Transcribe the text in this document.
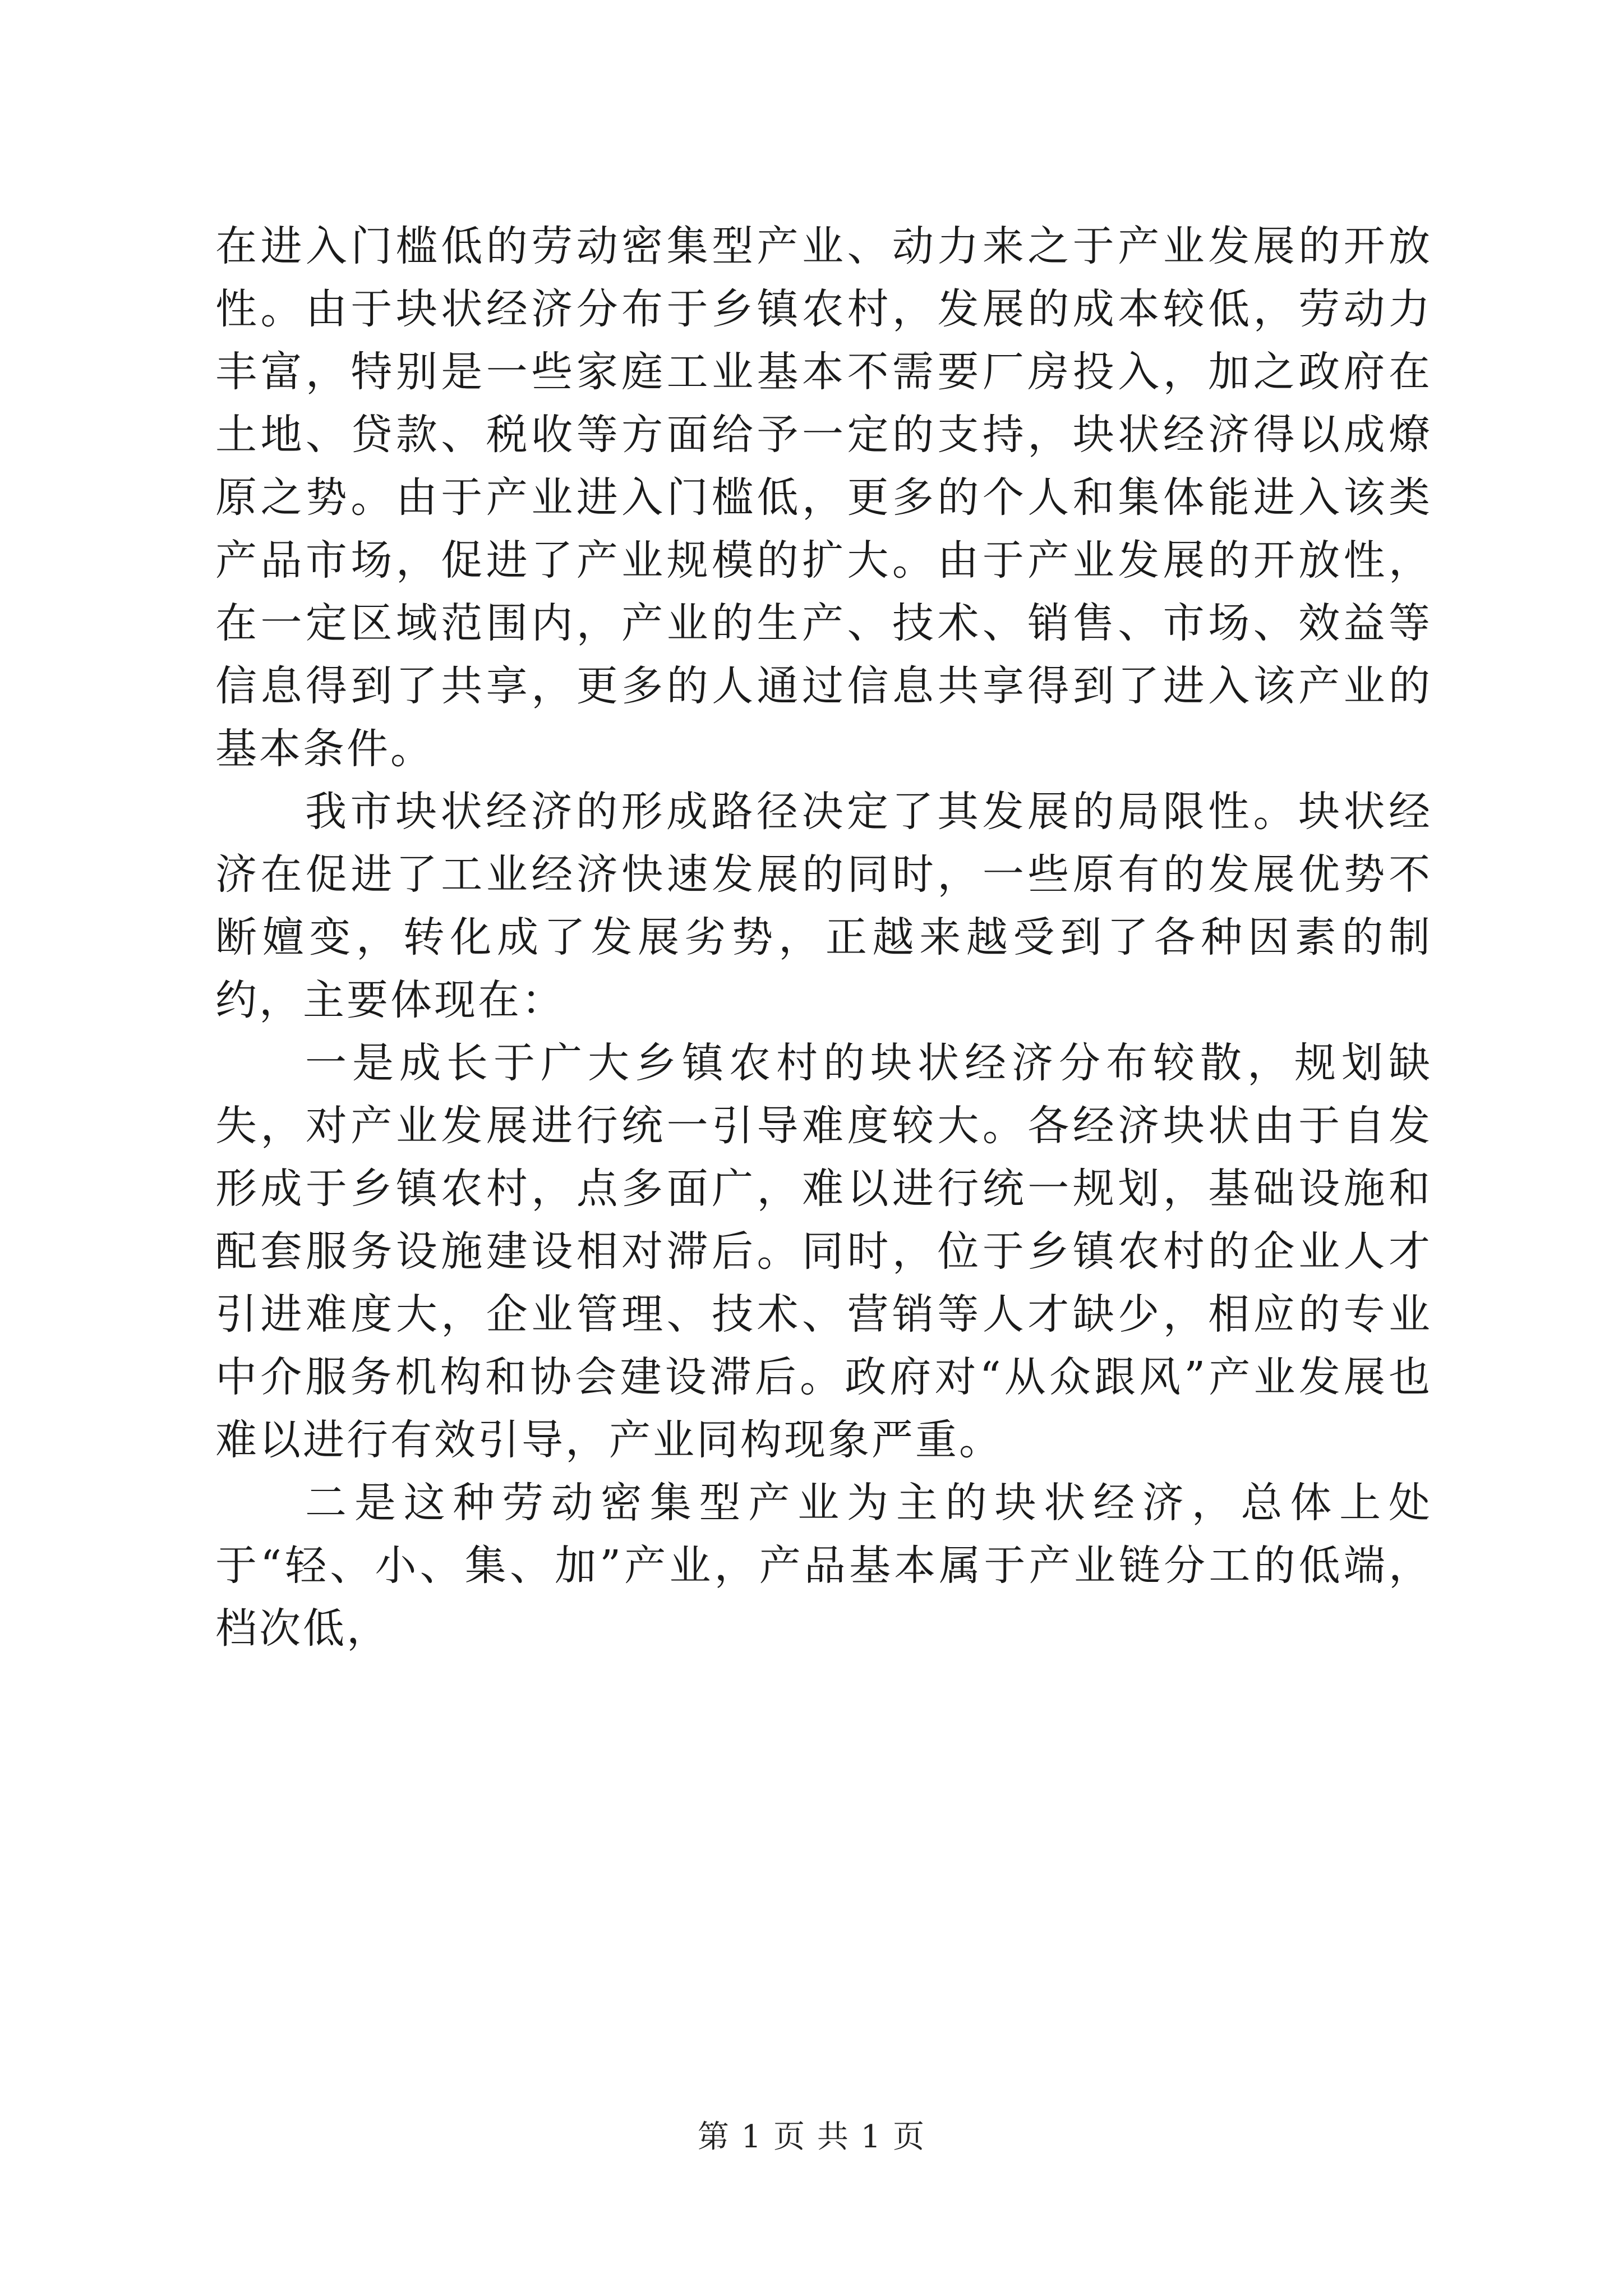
在进入门槛低的劳动密集型产业、动力来之于产业发展的开放性。由于块状经济分布于乡镇农村，发展的成本较低，劳动力丰富，特别是一些家庭工业基本不需要厂房投入，加之政府在土地、贷款、税收等方面给予一定的支持，块状经济得以成燎原之势。由于产业进入门槛低，更多的个人和集体能进入该类产品市场，促进了产业规模的扩大。由于产业发展的开放性，在一定区域范围内，产业的生产、技术、销售、市场、效益等信息得到了共享，更多的人通过信息共享得到了进入该产业的基本条件。

我市块状经济的形成路径决定了其发展的局限性。块状经济在促进了工业经济快速发展的同时，一些原有的发展优势不断嬗变，转化成了发展劣势，正越来越受到了各种因素的制约，主要体现在：

一是成长于广大乡镇农村的块状经济分布较散，规划缺失，对产业发展进行统一引导难度较大。各经济块状由于自发形成于乡镇农村，点多面广，难以进行统一规划，基础设施和配套服务设施建设相对滞后。同时，位于乡镇农村的企业人才引进难度大，企业管理、技术、营销等人才缺少，相应的专业中介服务机构和协会建设滞后。政府对“从众跟风”产业发展也难以进行有效引导，产业同构现象严重。

二是这种劳动密集型产业为主的块状经济，总体上处于“轻、小、集、加”产业，产品基本属于产业链分工的低端，档次低，

第 1 页 共 1 页
